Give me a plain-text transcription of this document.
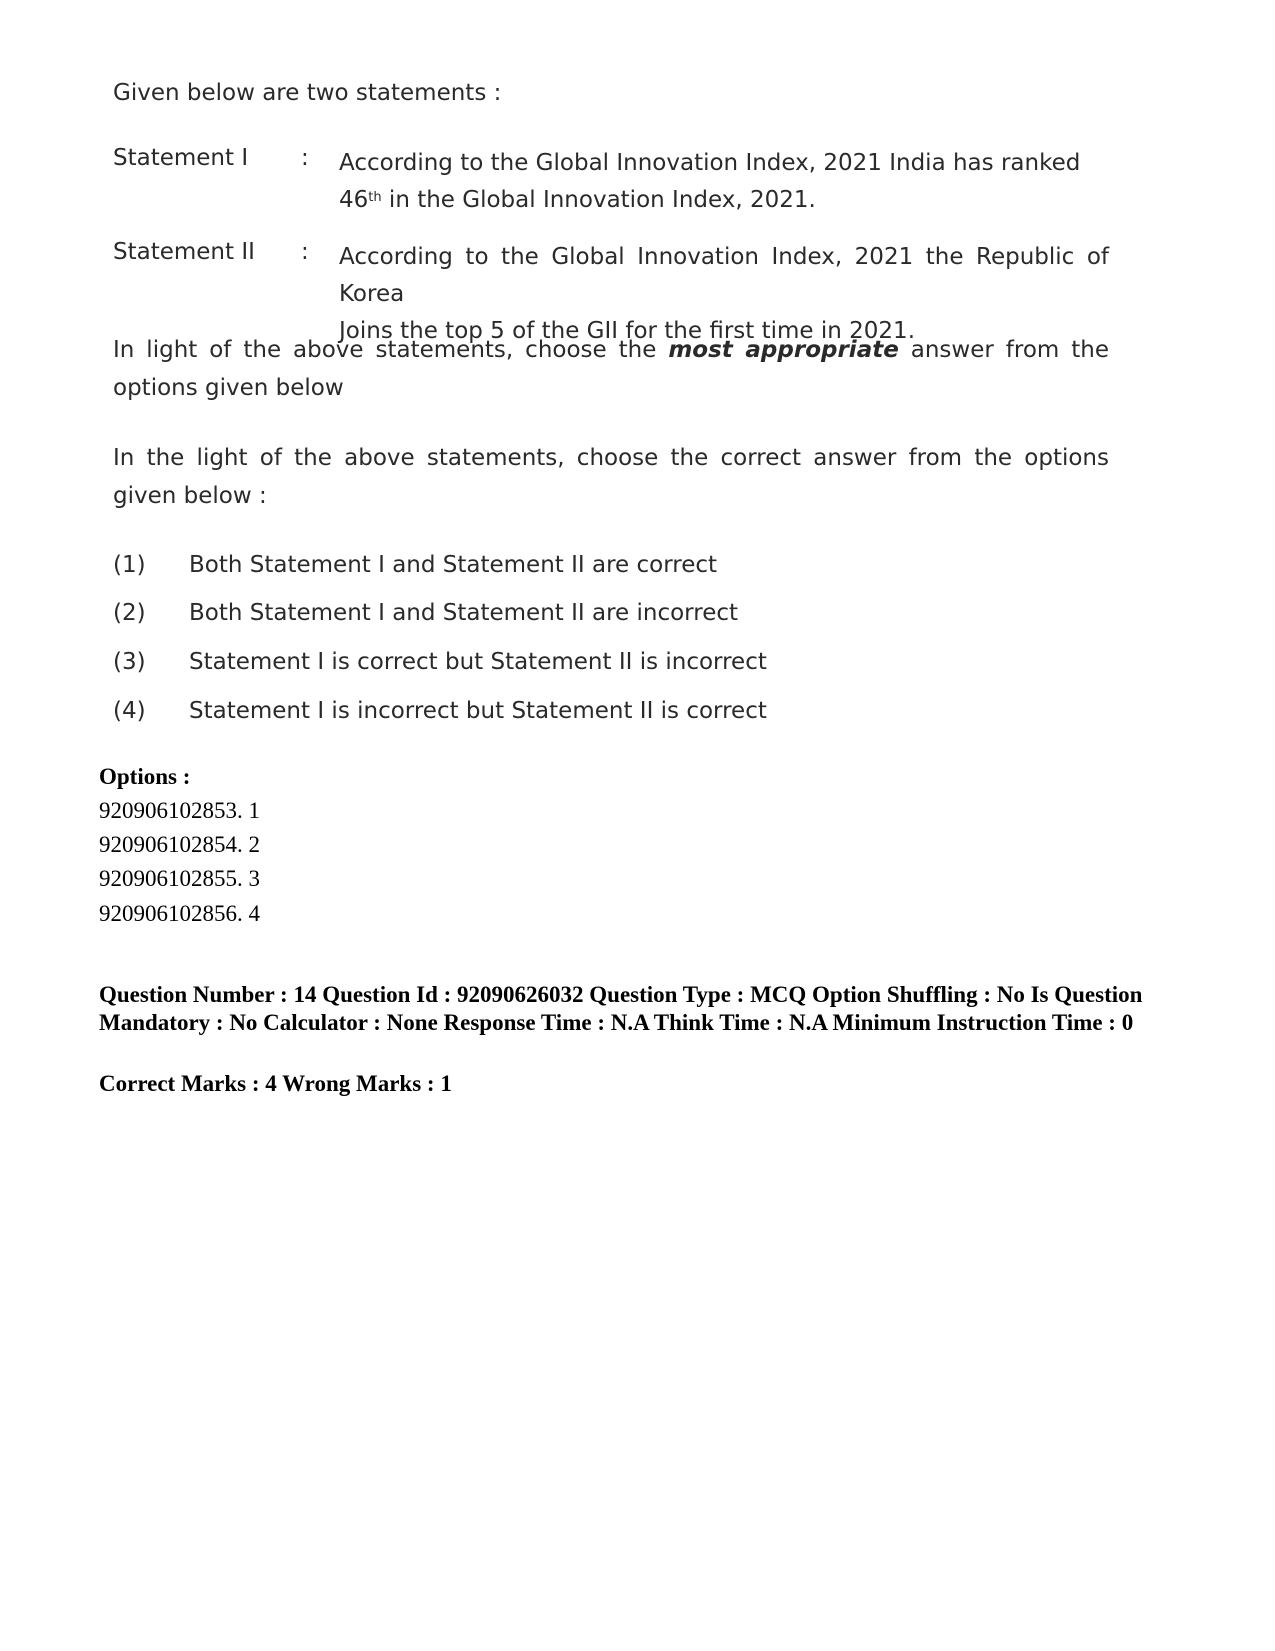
Given below are two statements :

Statement I : According to the Global Innovation Index, 2021 India has ranked
46th in the Global Innovation Index, 2021.
Statement II : According to the Global Innovation Index, 2021 the Republic of Korea
Joins the top 5 of the GII for the first time in 2021.

In light of the above statements, choose the most appropriate answer from the options given below

In the light of the above statements, choose the correct answer from the options given below :

(1) Both Statement I and Statement II are correct
(2) Both Statement I and Statement II are incorrect
(3) Statement I is correct but Statement II is incorrect
(4) Statement I is incorrect but Statement II is correct
Options :
920906102853. 1
920906102854. 2
920906102855. 3
920906102856. 4
Question Number : 14 Question Id : 92090626032 Question Type : MCQ Option Shuffling : No Is Question Mandatory : No Calculator : None Response Time : N.A Think Time : N.A Minimum Instruction Time : 0
Correct Marks : 4 Wrong Marks : 1
